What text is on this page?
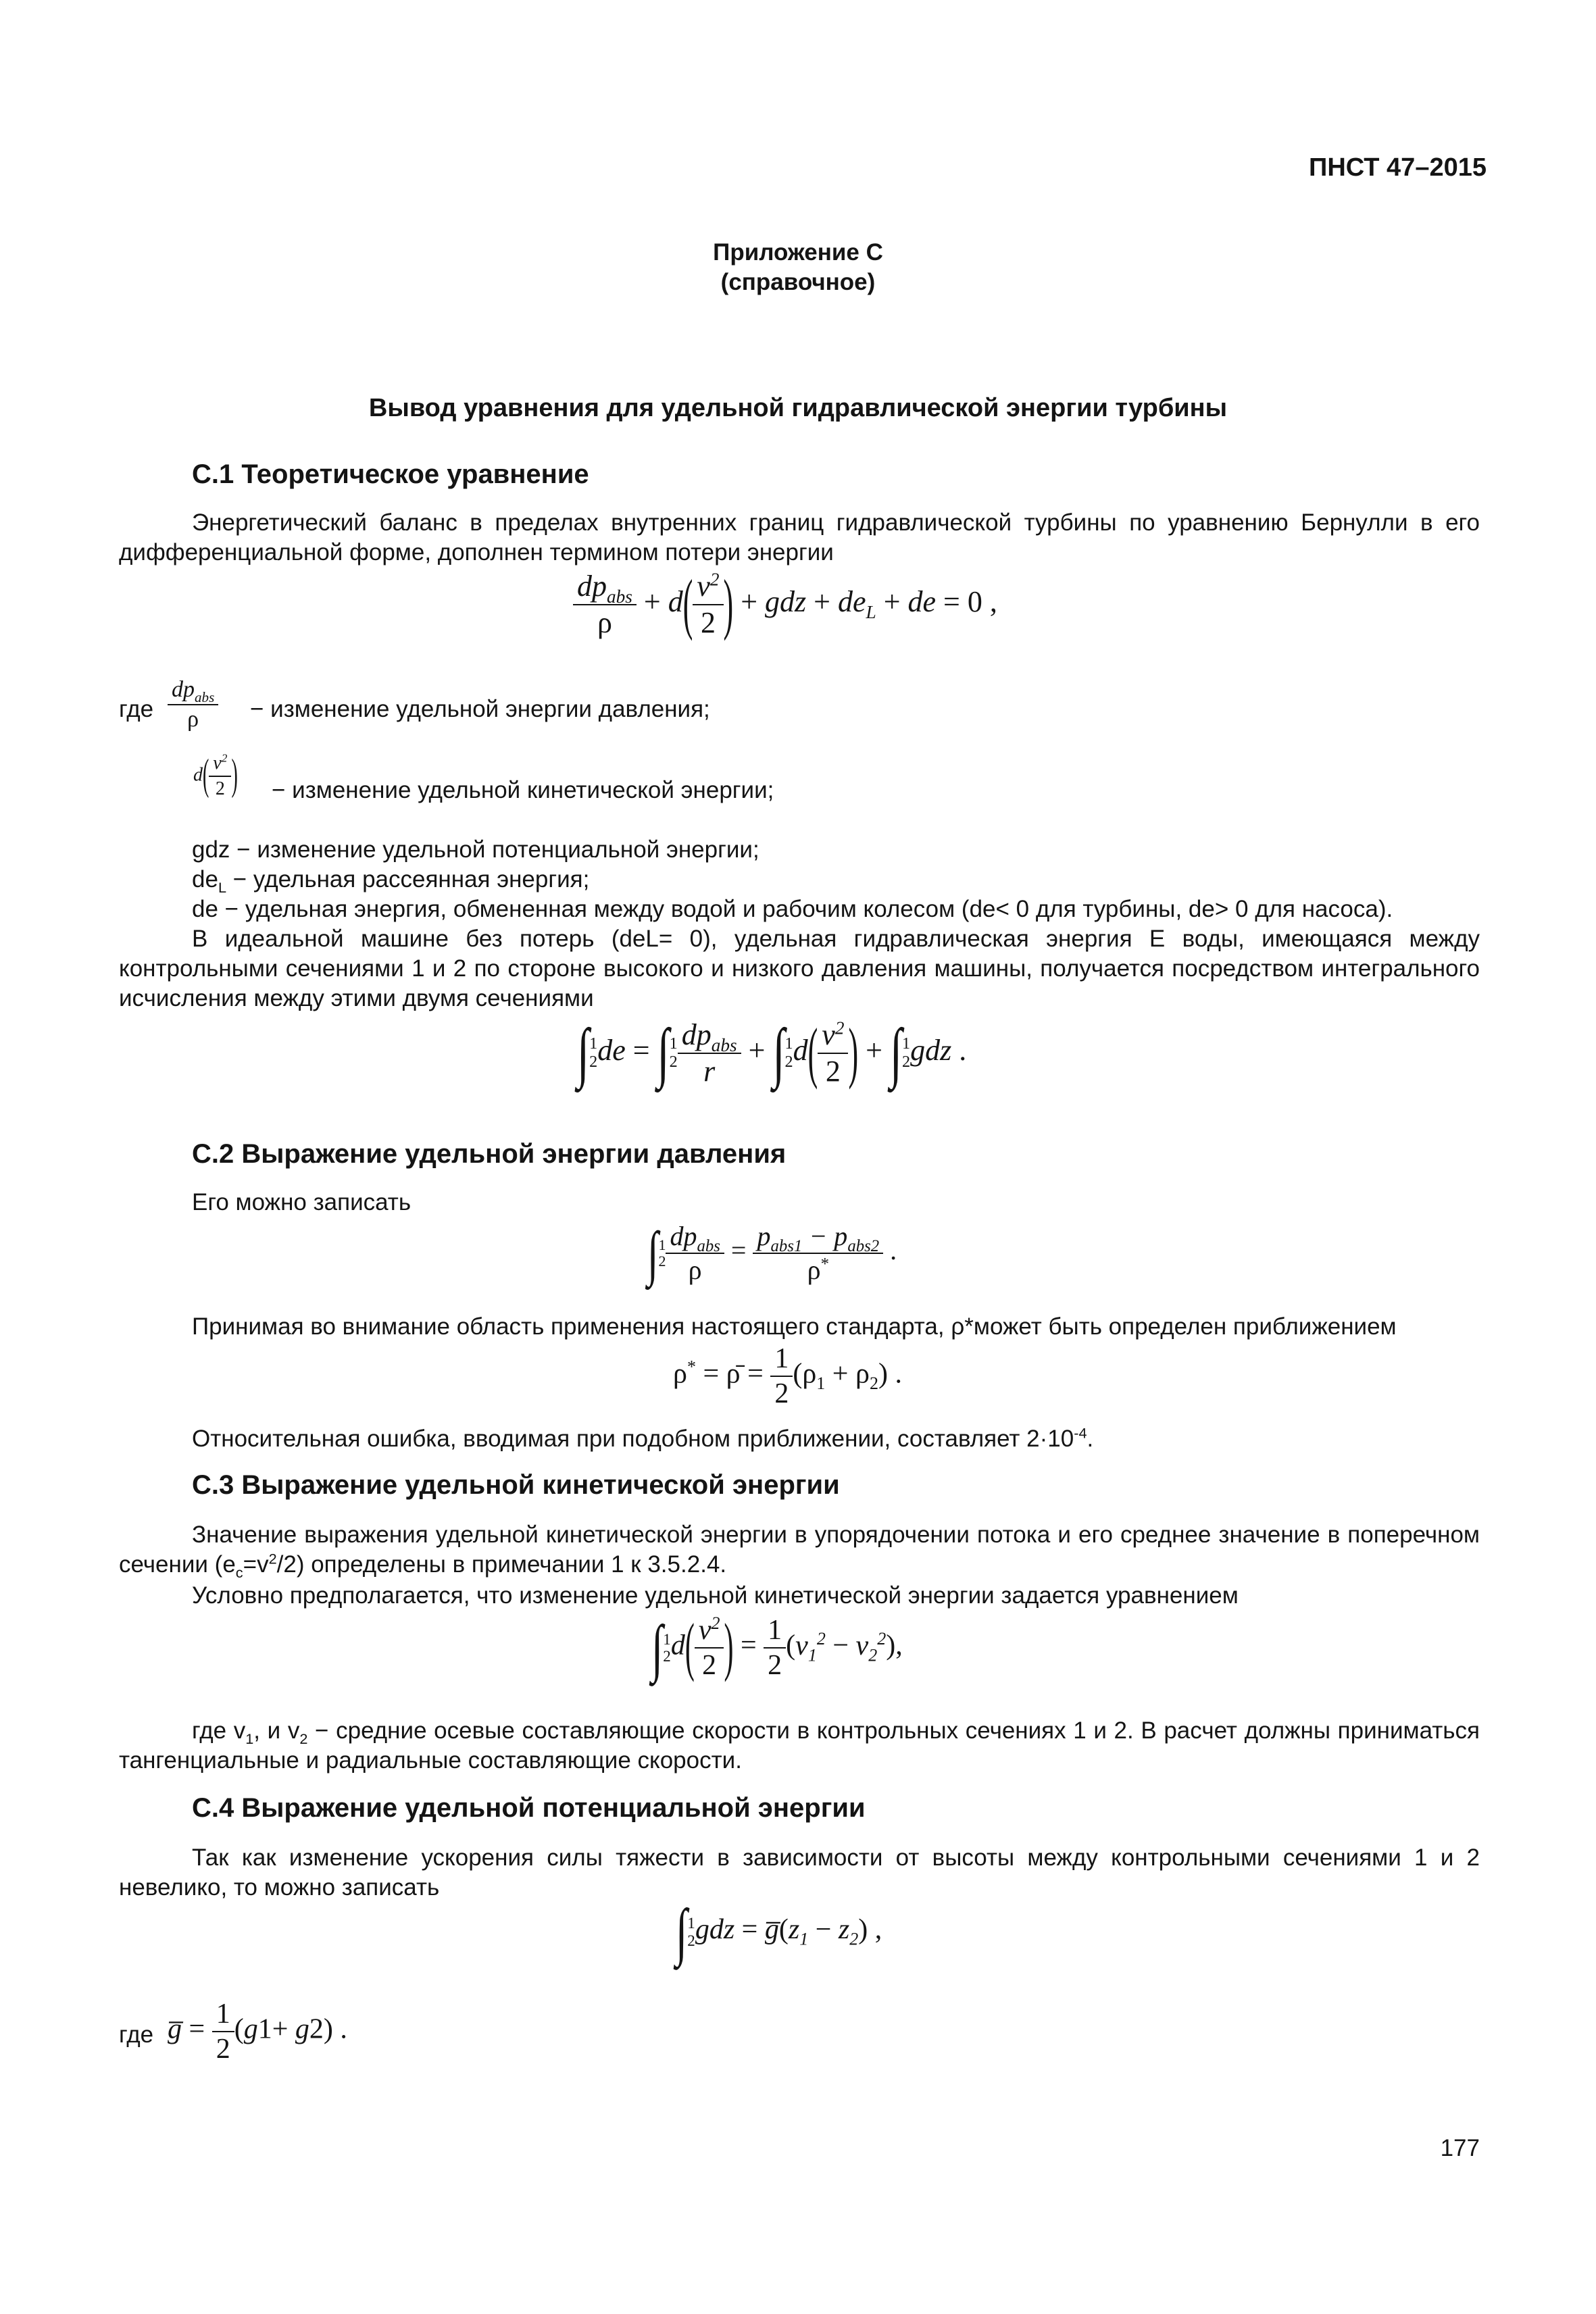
ПНСТ 47–2015
Приложение С
(справочное)
Вывод уравнения для удельной гидравлической энергии турбины
С.1 Теоретическое уравнение
Энергетический баланс в пределах внутренних границ гидравлической турбины по уравнению Бернулли в его дифференциальной форме, дополнен термином потери энергии
$\frac{dp_{abs}}{\rho} + d( \frac{v^2}{2}$ ) + gdz + $de_L$ + de = 0 ,
где $\frac{dp_{abs}}{\rho}$ − изменение удельной энергии давления;
$d( \frac{v^2}{2}$ ) − изменение удельной кинетической энергии;
gdz − изменение удельной потенциальной энергии;
$de_L$ − удельная рассеянная энергия;
de − удельная энергия, обмененная между водой и рабочим колесом (de< 0 для турбины, de> 0 для насоса).
В идеальной машине без потерь (deL= 0), удельная гидравлическая энергия E воды, имеющаяся между контрольными сечениями 1 и 2 по стороне высокого и низкого давления машины, получается посредством интегрального исчисления между этими двумя сечениями
∫ 1
2 de = ∫ 1
$2 \frac{dp_{abs}}{r}$ + ∫ 1
2 $d( \frac{v^2}{2}$ ) + ∫ 1
2 gdz .
С.2 Выражение удельной энергии давления
Его можно записать
∫ 1
$2 \frac{dp_{abs}}{\rho} = \frac{p_{abs1} - p_{abs2}}{\rho^*}$ .
Принимая во внимание область применения настоящего стандарта, ρ*может быть определен приближением
ρ* = ρ̄ = $\frac{1}{2} (\rho_1 + \rho_2)$ .
Относительная ошибка, вводимая при подобном приближении, составляет $2\cdot 10^{-4}$.
С.3 Выражение удельной кинетической энергии
Значение выражения удельной кинетической энергии в упорядочении потока и его среднее значение в поперечном сечении $(e_c=v^2/2)$ определены в примечании 1 к 3.5.2.4.
Условно предполагается, что изменение удельной кинетической энергии задается уравнением
∫ 1
2 $d( \frac{v^2}{2}$ ) = $\frac{1}{2} (v_1^2 - v_2^2)$,
где $v_1$, и $v_2$ − средние осевые составляющие скорости в контрольных сечениях 1 и 2. В расчет должны приниматься тангенциальные и радиальные составляющие скорости.
С.4 Выражение удельной потенциальной энергии
Так как изменение ускорения силы тяжести в зависимости от высоты между контрольными сечениями 1 и 2 невелико, то можно записать
∫ 1
2 gdz = $g̅(z_1 - z_2)$ ,
где g̅ = $\frac{1}{2} (g1+ g2)$ .
177
